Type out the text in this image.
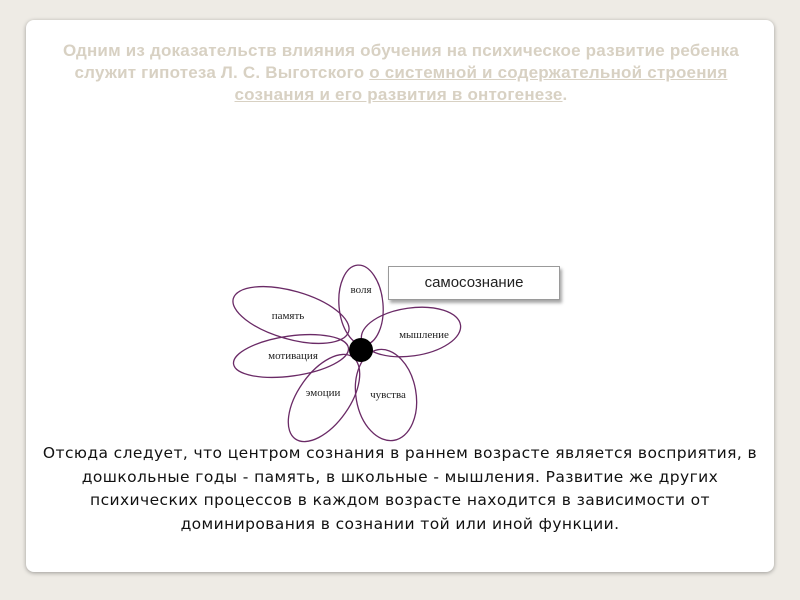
Одним из доказательств влияния обучения на психическое развитие ребенка служит гипотеза Л. С. Выготского о системной и содержательной строения сознания и его развития в онтогенезе.
воля
мышление
чувства
эмоции
мотивация
память
самосознание
Отсюда следует, что центром сознания в раннем возрасте является восприятия, в дошкольные годы - память, в школьные - мышления. Развитие же других психических процессов в каждом возрасте находится в зависимости от доминирования в сознании той или иной функции.
